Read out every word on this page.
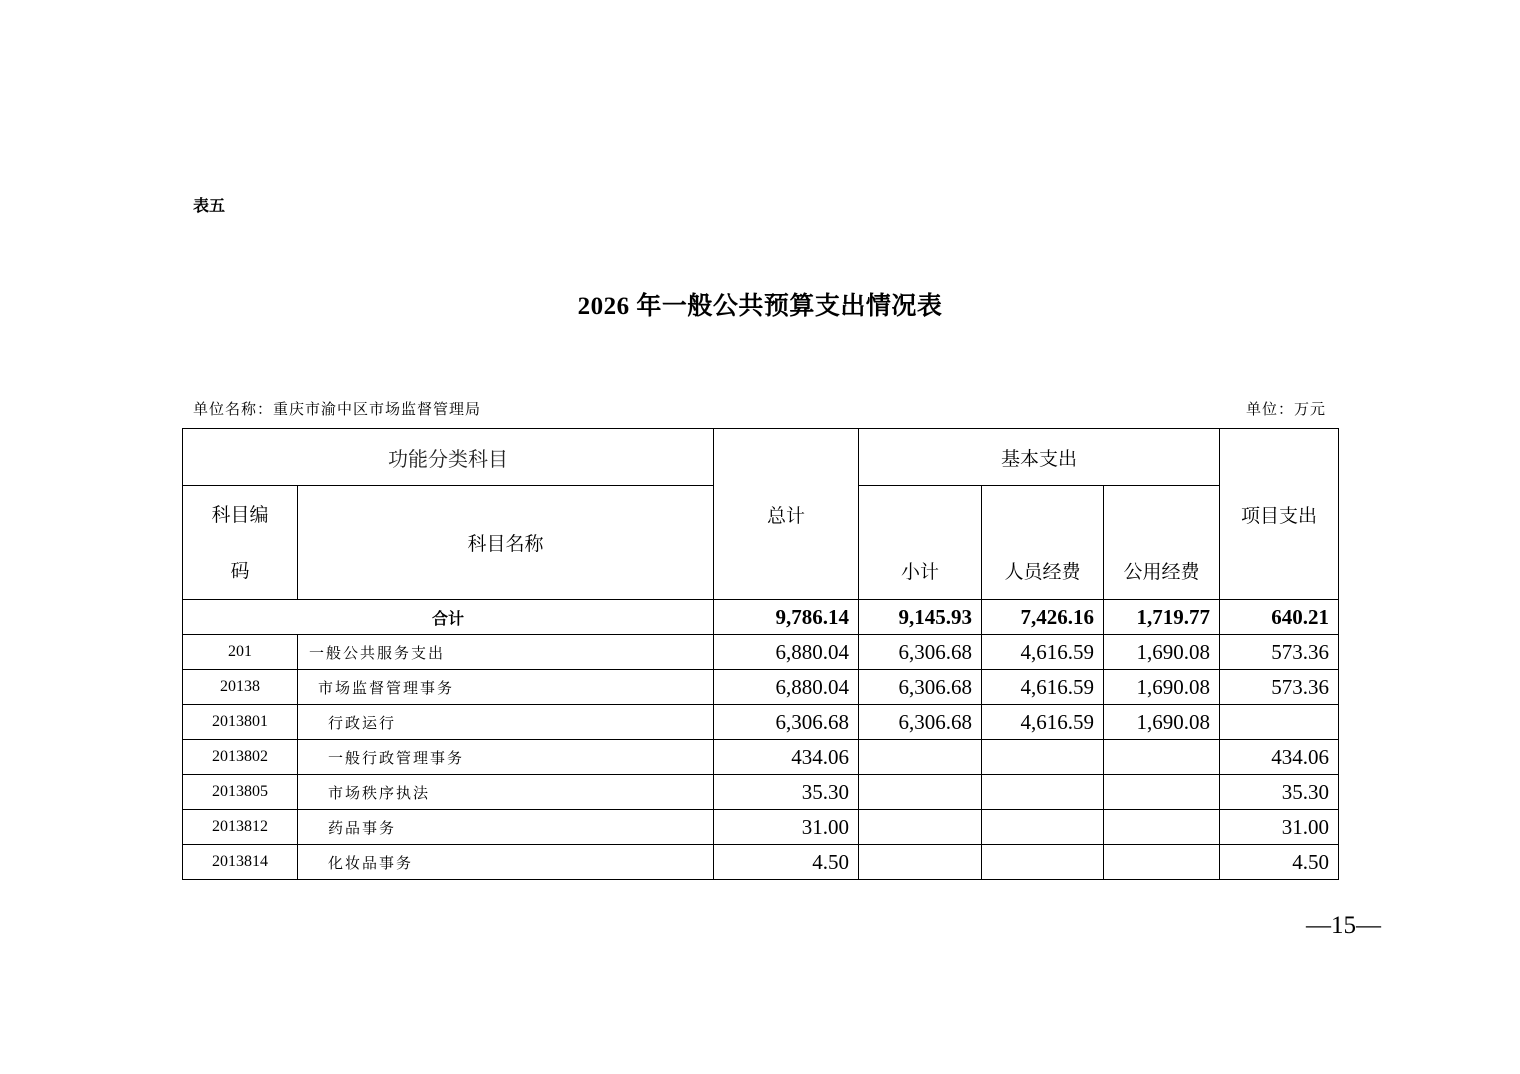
表五
2026 年一般公共预算支出情况表
单位名称：重庆市渝中区市场监督管理局	单位：万元
功能分类科目		总计	基本支出			项目支出

科目编码	科目名称		小计	人员经费	公用经费	
合计		9,786.14	9,145.93	7,426.16	1,719.77	640.21
201	一般公共服务支出	6,880.04	6,306.68	4,616.59	1,690.08	573.36
20138	市场监督管理事务	6,880.04	6,306.68	4,616.59	1,690.08	573.36
2013801	行政运行	6,306.68	6,306.68	4,616.59	1,690.08	
2013802	一般行政管理事务	434.06				434.06
2013805	市场秩序执法	35.30				35.30
2013812	药品事务	31.00				31.00
2013814	化妆品事务	4.50				4.50
—15—
